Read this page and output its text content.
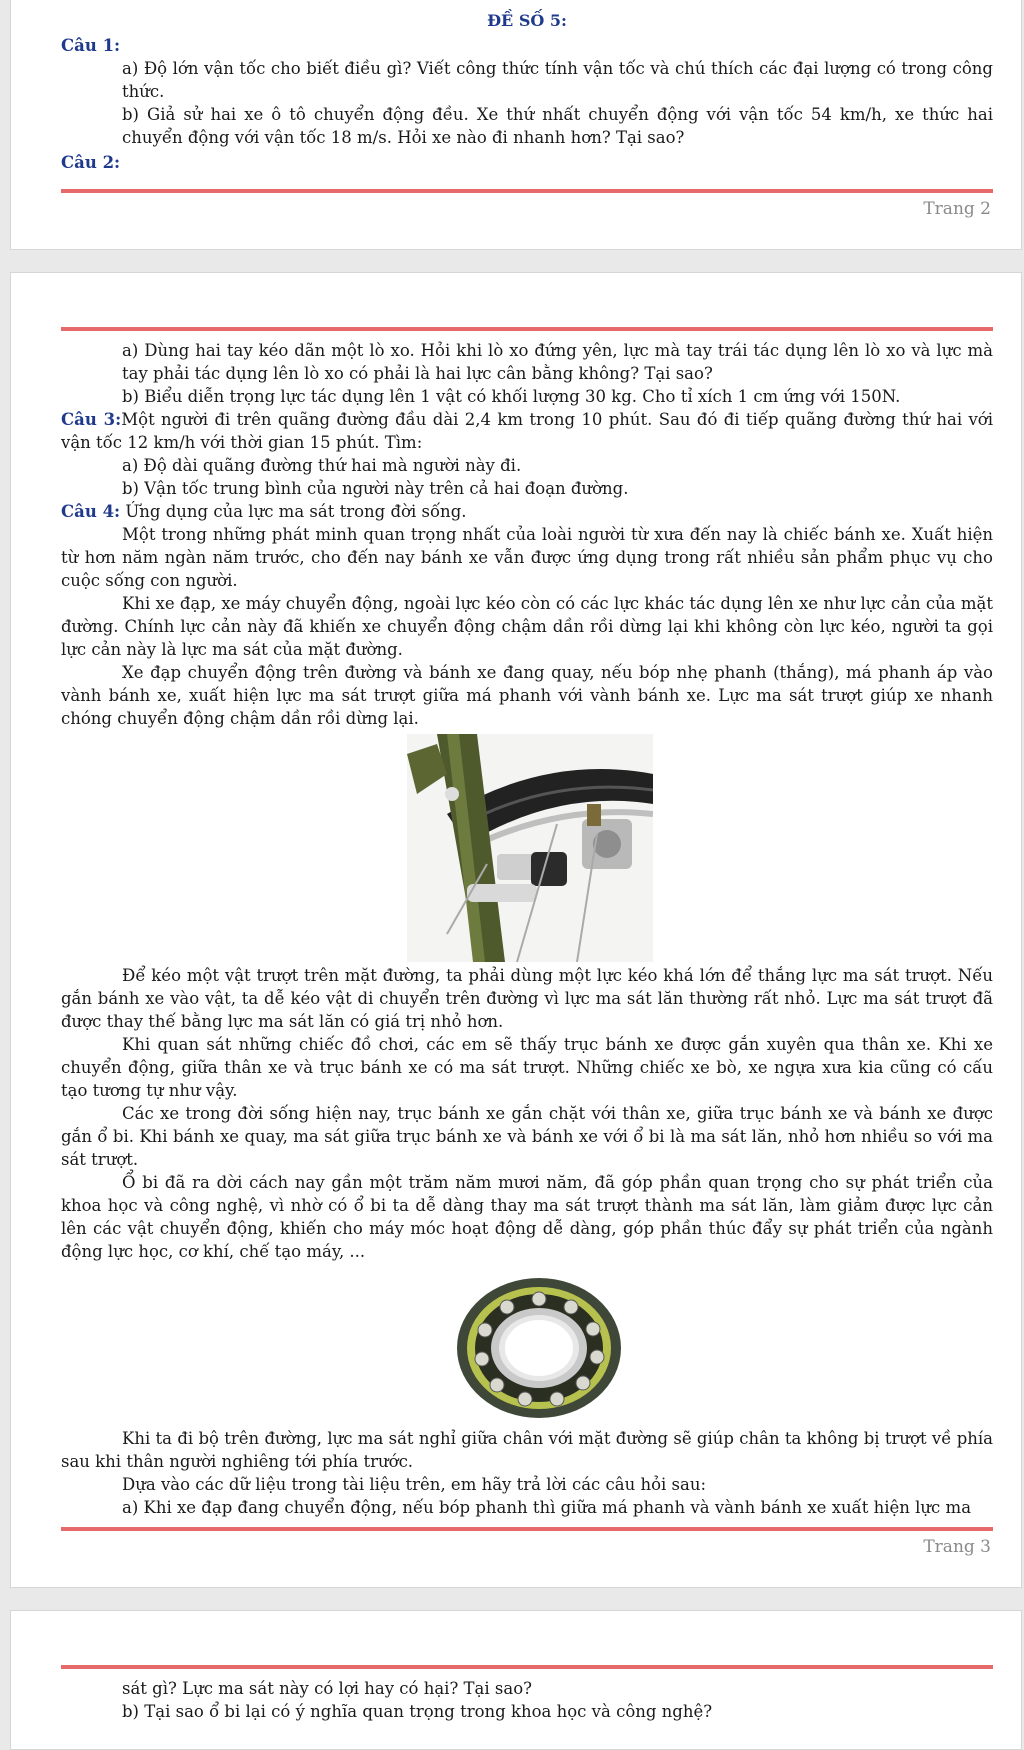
ĐỀ SỐ 5:
Câu 1:
a) Độ lớn vận tốc cho biết điều gì? Viết công thức tính vận tốc và chú thích các đại lượng có trong công thức.
b) Giả sử hai xe ô tô chuyển động đều. Xe thứ nhất chuyển động với vận tốc 54 km/h, xe thức hai chuyển động với vận tốc 18 m/s. Hỏi xe nào đi nhanh hơn? Tại sao?
Câu 2:
Trang 2
a) Dùng hai tay kéo dãn một lò xo. Hỏi khi lò xo đứng yên, lực mà tay trái tác dụng lên lò xo và lực mà tay phải tác dụng lên lò xo có phải là hai lực cân bằng không? Tại sao?
b) Biểu diễn trọng lực tác dụng lên 1 vật có khối lượng 30 kg. Cho tỉ xích 1 cm ứng với 150N.
Câu 3:Một người đi trên quãng đường đầu dài 2,4 km trong 10 phút. Sau đó đi tiếp quãng đường thứ hai với vận tốc 12 km/h với thời gian 15 phút. Tìm:
a) Độ dài quãng đường thứ hai mà người này đi.
b) Vận tốc trung bình của người này trên cả hai đoạn đường.
Câu 4: Ứng dụng của lực ma sát trong đời sống.
Một trong những phát minh quan trọng nhất của loài người từ xưa đến nay là chiếc bánh xe. Xuất hiện từ hơn năm ngàn năm trước, cho đến nay bánh xe vẫn được ứng dụng trong rất nhiều sản phẩm phục vụ cho cuộc sống con người.
Khi xe đạp, xe máy chuyển động, ngoài lực kéo còn có các lực khác tác dụng lên xe như lực cản của mặt đường. Chính lực cản này đã khiến xe chuyển động chậm dần rồi dừng lại khi không còn lực kéo, người ta gọi lực cản này là lực ma sát của mặt đường.
Xe đạp chuyển động trên đường và bánh xe đang quay, nếu bóp nhẹ phanh (thắng), má phanh áp vào vành bánh xe, xuất hiện lực ma sát trượt giữa má phanh với vành bánh xe. Lực ma sát trượt giúp xe nhanh chóng chuyển động chậm dần rồi dừng lại.
Để kéo một vật trượt trên mặt đường, ta phải dùng một lực kéo khá lớn để thắng lực ma sát trượt. Nếu gắn bánh xe vào vật, ta dễ kéo vật di chuyển trên đường vì lực ma sát lăn thường rất nhỏ. Lực ma sát trượt đã được thay thế bằng lực ma sát lăn có giá trị nhỏ hơn.
Khi quan sát những chiếc đồ chơi, các em sẽ thấy trục bánh xe được gắn xuyên qua thân xe. Khi xe chuyển động, giữa thân xe và trục bánh xe có ma sát trượt. Những chiếc xe bò, xe ngựa xưa kia cũng có cấu tạo tương tự như vậy.
Các xe trong đời sống hiện nay, trục bánh xe gắn chặt với thân xe, giữa trục bánh xe và bánh xe được gắn ổ bi. Khi bánh xe quay, ma sát giữa trục bánh xe và bánh xe với ổ bi là ma sát lăn, nhỏ hơn nhiều so với ma sát trượt.
Ổ bi đã ra dời cách nay gần một trăm năm mươi năm, đã góp phần quan trọng cho sự phát triển của khoa học và công nghệ, vì nhờ có ổ bi ta dễ dàng thay ma sát trượt thành ma sát lăn, làm giảm được lực cản lên các vật chuyển động, khiến cho máy móc hoạt động dễ dàng, góp phần thúc đẩy sự phát triển của ngành động lực học, cơ khí, chế tạo máy, ...
Khi ta đi bộ trên đường, lực ma sát nghỉ giữa chân với mặt đường sẽ giúp chân ta không bị trượt về phía sau khi thân người nghiêng tới phía trước.
Dựa vào các dữ liệu trong tài liệu trên, em hãy trả lời các câu hỏi sau:
a) Khi xe đạp đang chuyển động, nếu bóp phanh thì giữa má phanh và vành bánh xe xuất hiện lực ma
Trang 3
sát gì? Lực ma sát này có lợi hay có hại? Tại sao?
b) Tại sao ổ bi lại có ý nghĩa quan trọng trong khoa học và công nghệ?
